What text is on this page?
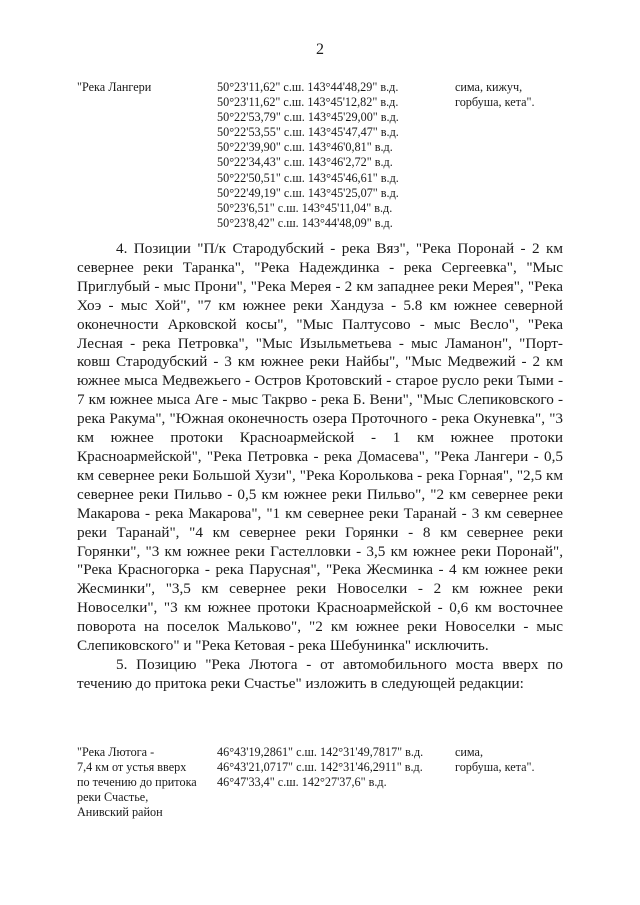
2
"Река Лангери	50°23'11,62" с.ш. 143°44'48,29" в.д.
50°23'11,62" с.ш. 143°45'12,82" в.д.
50°22'53,79" с.ш. 143°45'29,00" в.д.
50°22'53,55" с.ш. 143°45'47,47" в.д.
50°22'39,90" с.ш. 143°46'0,81" в.д.
50°22'34,43" с.ш. 143°46'2,72" в.д.
50°22'50,51" с.ш. 143°45'46,61" в.д.
50°22'49,19" с.ш. 143°45'25,07" в.д.
50°23'6,51" с.ш. 143°45'11,04" в.д.
50°23'8,42" с.ш. 143°44'48,09" в.д.
сима, кижуч,
горбуша, кета".

4. Позиции "П/к Стародубский - река Вяз", "Река Поронай - 2 км севернее реки Таранка", "Река Надеждинка - река Сергеевка", "Мыс Приглубый - мыс Прони", "Река Мерея - 2 км западнее реки Мерея", "Река Хоэ - мыс Хой", "7 км южнее реки Хандуза - 5.8 км южнее северной оконечности Арковской косы", "Мыс Палтусово - мыс Весло", "Река Лесная - река Петровка", "Мыс Изыльметьева - мыс Ламанон", "Порт-ковш Стародубский - 3 км южнее реки Найбы", "Мыс Медвежий - 2 км южнее мыса Медвежьего - Остров Кротовский - старое русло реки Тыми - 7 км южнее мыса Аге - мыс Такрво - река Б. Вени", "Мыс Слепиковского - река Ракума", "Южная оконечность озера Проточного - река Окуневка", "3 км южнее протоки Красноармейской - 1 км южнее протоки Красноармейской", "Река Петровка - река Домасева", "Река Лангери - 0,5 км севернее реки Большой Хузи", "Река Королькова - река Горная", "2,5 км севернее реки Пильво - 0,5 км южнее реки Пильво", "2 км севернее реки Макарова - река Макарова", "1 км севернее реки Таранай - 3 км севернее реки Таранай", "4 км севернее реки Горянки - 8 км севернее реки Горянки", "3 км южнее реки Гастелловки - 3,5 км южнее реки Поронай", "Река Красногорка - река Парусная", "Река Жесминка - 4 км южнее реки Жесминки", "3,5 км севернее реки Новоселки - 2 км южнее реки Новоселки", "3 км южнее протоки Красноармейской - 0,6 км восточнее поворота на поселок Мальково", "2 км южнее реки Новоселки - мыс Слепиковского" и "Река Кетовая - река Шебунинка" исключить.

5. Позицию "Река Лютога - от автомобильного моста вверх по течению до притока реки Счастье" изложить в следующей редакции:

"Река Лютога -
7,4 км от устья вверх
по течению до притока
реки Счастье,
Анивский район
46°43'19,2861" с.ш. 142°31'49,7817" в.д.
46°43'21,0717" с.ш. 142°31'46,2911" в.д.
46°47'33,4" с.ш. 142°27'37,6" в.д.
сима,
горбуша, кета".
